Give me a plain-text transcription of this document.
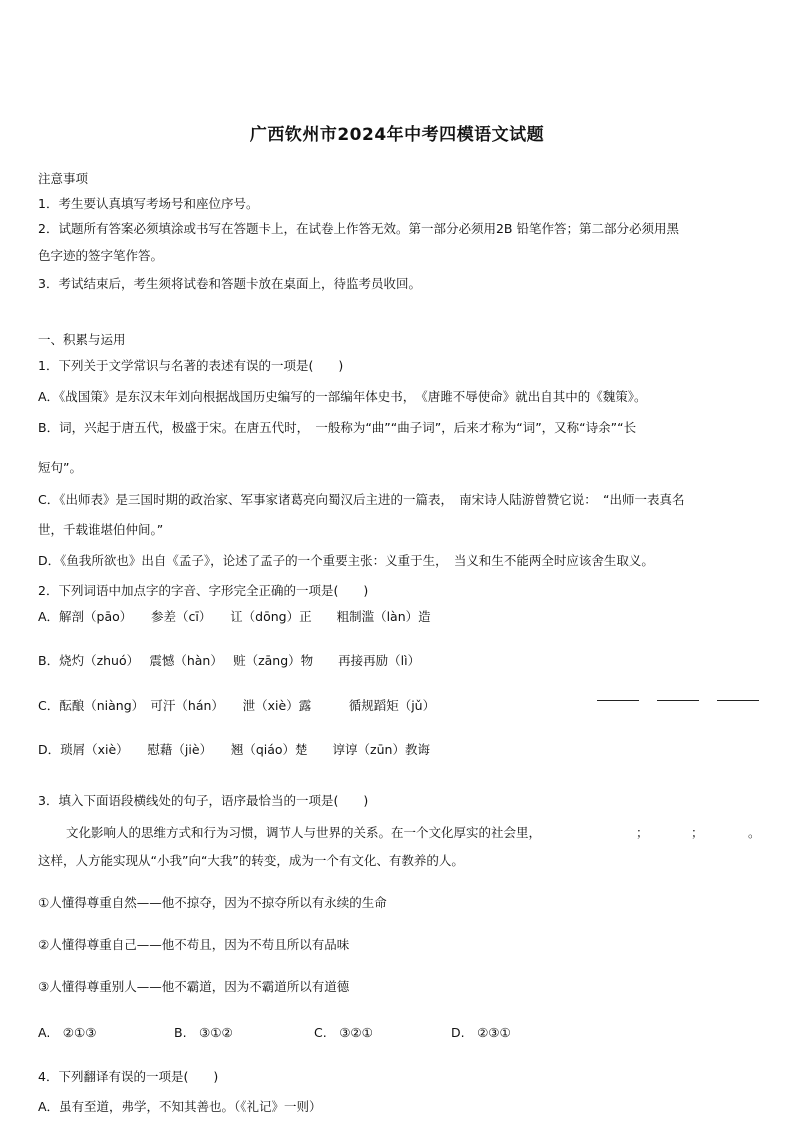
广西钦州市2024年中考四模语文试题
注意事项
1．考生要认真填写考场号和座位序号。
2．试题所有答案必须填涂或书写在答题卡上，在试卷上作答无效。第一部分必须用2B 铅笔作答；第二部分必须用黑
色字迹的签字笔作答。
3．考试结束后，考生须将试卷和答题卡放在桌面上，待监考员收回。
一、积累与运用
1．下列关于文学常识与名著的表述有误的一项是(　　)
A．《战国策》是东汉末年刘向根据战国历史编写的一部编年体史书，　《唐雎不辱使命》就出自其中的《魏策》。
B．词，兴起于唐五代，极盛于宋。在唐五代时，　一般称为“曲”“曲子词”，后来才称为“词”，又称“诗余”“长
短句”。
C．《出师表》是三国时期的政治家、军事家诸葛亮向蜀汉后主进的一篇表，　南宋诗人陆游曾赞它说：　“出师一表真名
世，千载谁堪伯仲间。”
D．《鱼我所欲也》出自《孟子》，论述了孟子的一个重要主张：义重于生，　当义和生不能两全时应该舍生取义。
2．下列词语中加点字的字音、字形完全正确的一项是(　　)
A．解剖（pāo）　　参差（cī）　　讧（dōng）正　　粗制滥（làn）造
B．烧灼（zhuó）　 震憾（hàn）　 赃（zāng）物　　再接再励（lì）

C．酝酿（niàng）　可汗（hán）　　泄（xiè）露　　　循规蹈矩（jǔ）
D．琐屑（xiè）　　慰藉（jiè）　　翘（qiáo）楚　　谆谆（zūn）教诲
3．填入下面语段横线处的句子，语序最恰当的一项是(　　)
文化影响人的思维方式和行为习惯，调节人与世界的关系。在一个文化厚实的社会里，	；	；	。
这样，人方能实现从“小我”向“大我”的转变，成为一个有文化、有教养的人。
①人懂得尊重自然——他不掠夺，因为不掠夺所以有永续的生命
②人懂得尊重自己——他不苟且，因为不苟且所以有品味
③人懂得尊重别人——他不霸道，因为不霸道所以有道德
A.　②①③	B.　③①②	C.　③②①	D.　②③①
4．下列翻译有误的一项是(　　)
A．虽有至道，弗学，不知其善也。（《礼记》一则）
